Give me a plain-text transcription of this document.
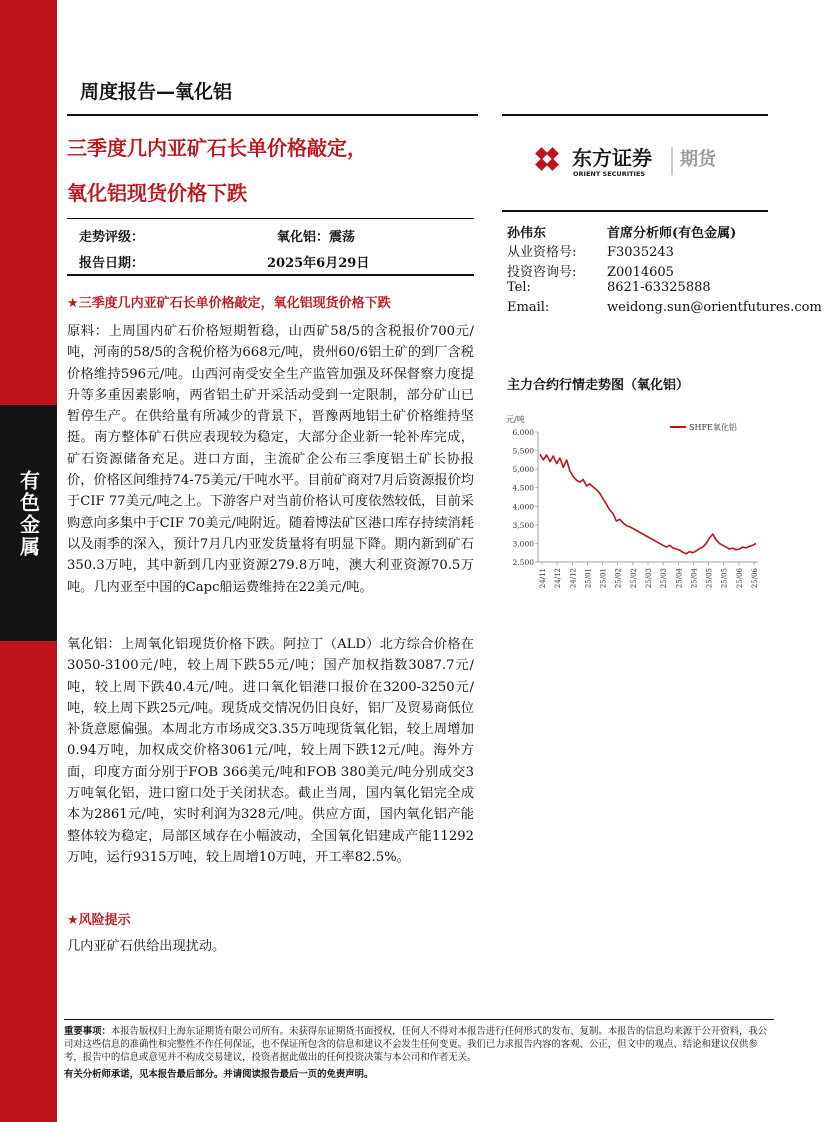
有色金属
周度报告—氧化铝
三季度几内亚矿石长单价格敲定，
氧化铝现货价格下跌
东方证券
ORIENT SECURITIES
期货
走势评级：	氧化铝：震荡
报告日期：	2025年6月29日
孙伟东	首席分析师(有色金属)
从业资格号: F3035243
投资咨询号: Z0014605
Tel:	8621-63325888
Email:	weidong.sun@orientfutures.com
★三季度几内亚矿石长单价格敲定，氧化铝现货价格下跌

原料：上周国内矿石价格短期暂稳，山西矿58/5的含税报价700元/吨，河南的58/5的含税价格为668元/吨，贵州60/6铝土矿的到厂含税价格维持596元/吨。山西河南受安全生产监管加强及环保督察力度提升等多重因素影响，两省铝土矿开采活动受到一定限制，部分矿山已暂停生产。在供给量有所减少的背景下，晋豫两地铝土矿价格维持坚挺。南方整体矿石供应表现较为稳定，大部分企业新一轮补库完成，矿石资源储备充足。进口方面，主流矿企公布三季度铝土矿长协报价，价格区间维持74-75美元/干吨水平。目前矿商对7月后资源报价均于CIF 77美元/吨之上。下游客户对当前价格认可度依然较低，目前采购意向多集中于CIF 70美元/吨附近。随着博法矿区港口库存持续消耗以及雨季的深入，预计7月几内亚发货量将有明显下降。期内新到矿石350.3万吨，其中新到几内亚资源279.8万吨，澳大利亚资源70.5万吨。几内亚至中国的Capc船运费维持在22美元/吨。

氧化铝：上周氧化铝现货价格下跌。阿拉丁（ALD）北方综合价格在3050-3100元/吨，较上周下跌55元/吨；国产加权指数3087.7元/吨，较上周下跌40.4元/吨。进口氧化铝港口报价在3200-3250元/吨，较上周下跌25元/吨。现货成交情况仍旧良好，铝厂及贸易商低位补货意愿偏强。本周北方市场成交3.35万吨现货氧化铝，较上周增加0.94万吨，加权成交价格3061元/吨，较上周下跌12元/吨。海外方面，印度方面分别于FOB 366美元/吨和FOB 380美元/吨分别成交3万吨氧化铝，进口窗口处于关闭状态。截止当周，国内氧化铝完全成本为2861元/吨，实时利润为328元/吨。供应方面，国内氧化铝产能整体较为稳定，局部区域存在小幅波动，全国氧化铝建成产能11292万吨，运行9315万吨，较上周增10万吨，开工率82.5%。

★风险提示

几内亚矿石供给出现扰动。

主力合约行情走势图（氧化铝）
元/吨
2,500
3,000
3,500
4,000
4,500
5,000
5,500
6,000
24/11 24/12 24/12 25/01 25/01 25/02 25/02 25/03 25/03 25/04 25/04 25/05 25/05 25/06 25/06
SHFE氧化铝

重要事项：本报告版权归上海东证期货有限公司所有。未获得东证期货书面授权，任何人不得对本报告进行任何形式的发布、复制。本报告的信息均来源于公开资料，我公司对这些信息的准确性和完整性不作任何保证，也不保证所包含的信息和建议不会发生任何变更。我们已力求报告内容的客观、公正，但文中的观点、结论和建议仅供参考，报告中的信息或意见并不构成交易建议，投资者据此做出的任何投资决策与本公司和作者无关。

有关分析师承诺，见本报告最后部分。并请阅读报告最后一页的免责声明。
